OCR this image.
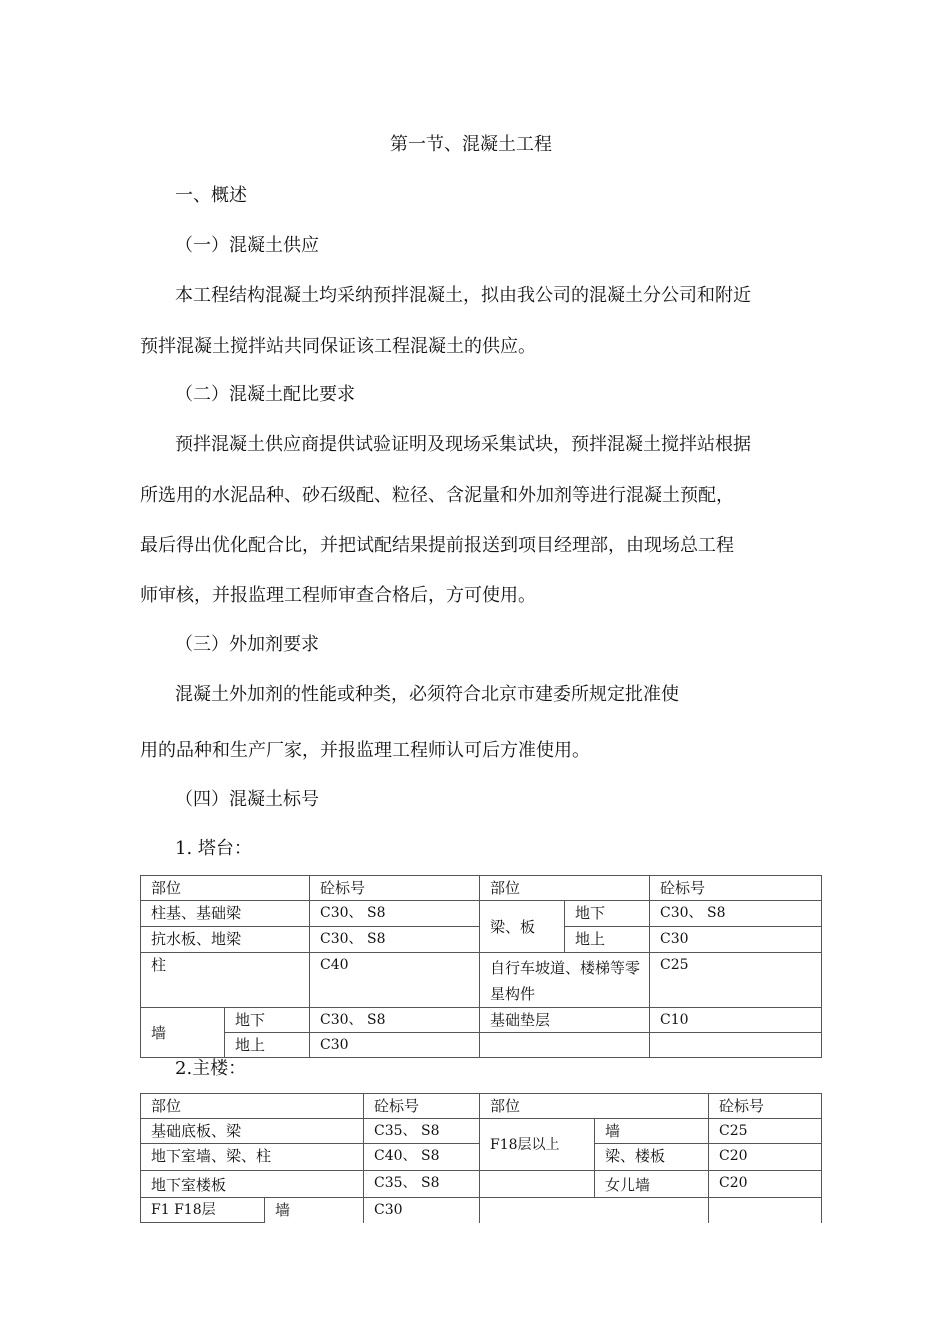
第一节、混凝土工程
一、概述
（一）混凝土供应
本工程结构混凝土均采纳预拌混凝土，拟由我公司的混凝土分公司和附近
预拌混凝土搅拌站共同保证该工程混凝土的供应。
（二）混凝土配比要求
预拌混凝土供应商提供试验证明及现场采集试块，预拌混凝土搅拌站根据
所选用的水泥品种、砂石级配、粒径、含泥量和外加剂等进行混凝土预配，
最后得出优化配合比，并把试配结果提前报送到项目经理部，由现场总工程
师审核，并报监理工程师审查合格后，方可使用。
（三）外加剂要求
混凝土外加剂的性能或种类，必须符合北京市建委所规定批准使
用的品种和生产厂家，并报监理工程师认可后方准使用。
（四）混凝土标号
1. 塔台：
部位		砼标号	部位		砼标号
柱基、基础梁		C30、 S8	梁、板	地下	C30、 S8
抗水板、地梁		C30、 S8		地上	C30
柱		C40	自行车坡道、楼梯等零星构件		C25
墙	地下	C30、 S8	基础垫层		C10
	地上	C30			
2.主楼：
部位		砼标号	部位		砼标号
基础底板、梁		C35、 S8	F18层以上	墙	C25
地下室墙、梁、柱		C40、 S8		梁、楼板	C20
地下室楼板		C35、 S8		女儿墙	C20
F1 F18层	墙	C30			
